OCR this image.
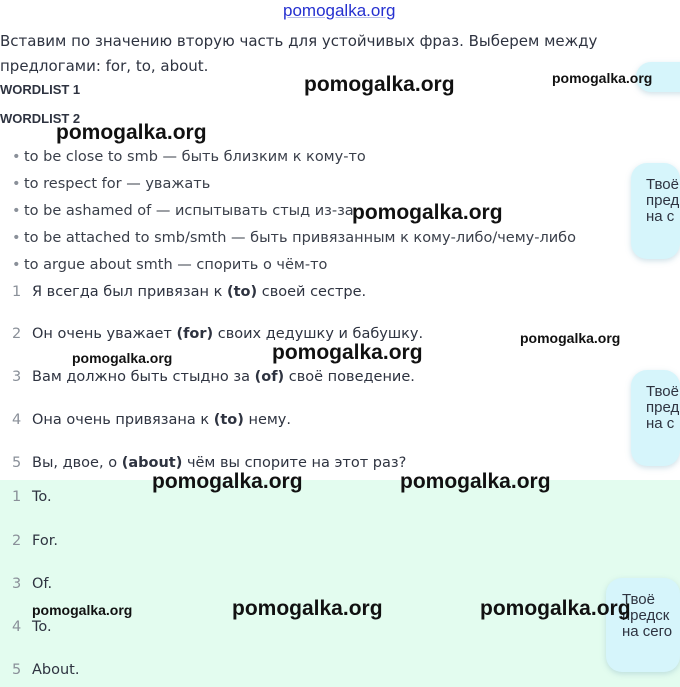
pomogalka.org
Вставим по значению вторую часть для устойчивых фраз. Выберем между предлогами: for, to, about.
WORDLIST 1
WORDLIST 2
• to be close to smb — быть близким к кому-то
• to respect for — уважать
• to be ashamed of — испытывать стыд из-за
• to be attached to smb/smth — быть привязанным к кому-либо/чему-либо
• to argue about smth — спорить о чём-то
1 Я всегда был привязан к (to) своей сестре.
2 Он очень уважает (for) своих дедушку и бабушку.
3 Вам должно быть стыдно за (of) своё поведение.
4 Она очень привязана к (to) нему.
5 Вы, двое, о (about) чём вы спорите на этот раз?
1 To.
2 For.
3 Of.
4 To.
5 About.
Твоё
пред
на с
Твоё
пред
на с
Твоё
предск
на сего
pomogalka.org	pomogalka.org
pomogalka.org
pomogalka.org
pomogalka.org
pomogalka.org
pomogalka.org
pomogalka.org	pomogalka.org
pomogalka.org	pomogalka.org	pomogalka.org
